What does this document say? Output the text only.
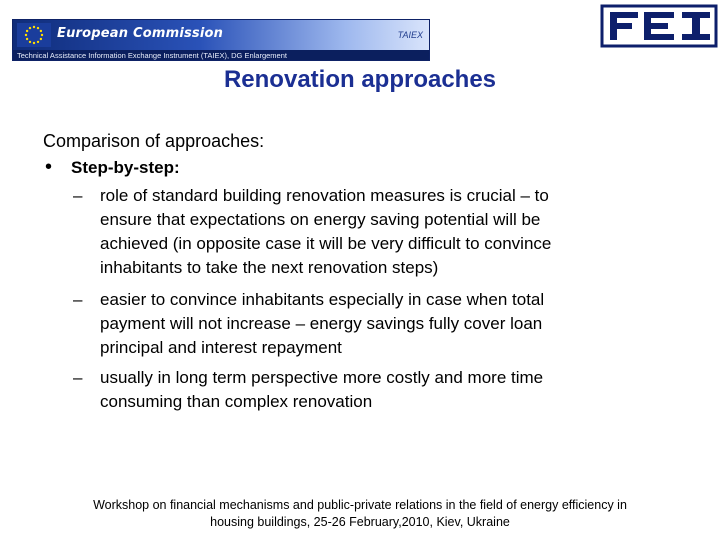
European Commission	TAIEX
Technical Assistance Information Exchange Instrument (TAIEX), DG Enlargement
Renovation approaches
Comparison of approaches:
• Step-by-step:
– role of standard building renovation measures is crucial – to
ensure that expectations on energy saving potential will be
achieved (in opposite case it will be very difficult to convince
inhabitants to take the next renovation steps)
– easier to convince inhabitants especially in case when total
payment will not increase – energy savings fully cover loan
principal and interest repayment
– usually in long term perspective more costly and more time
consuming than complex renovation
Workshop on financial mechanisms and public-private relations in the field of energy efficiency in
housing buildings, 25-26 February,2010, Kiev, Ukraine
